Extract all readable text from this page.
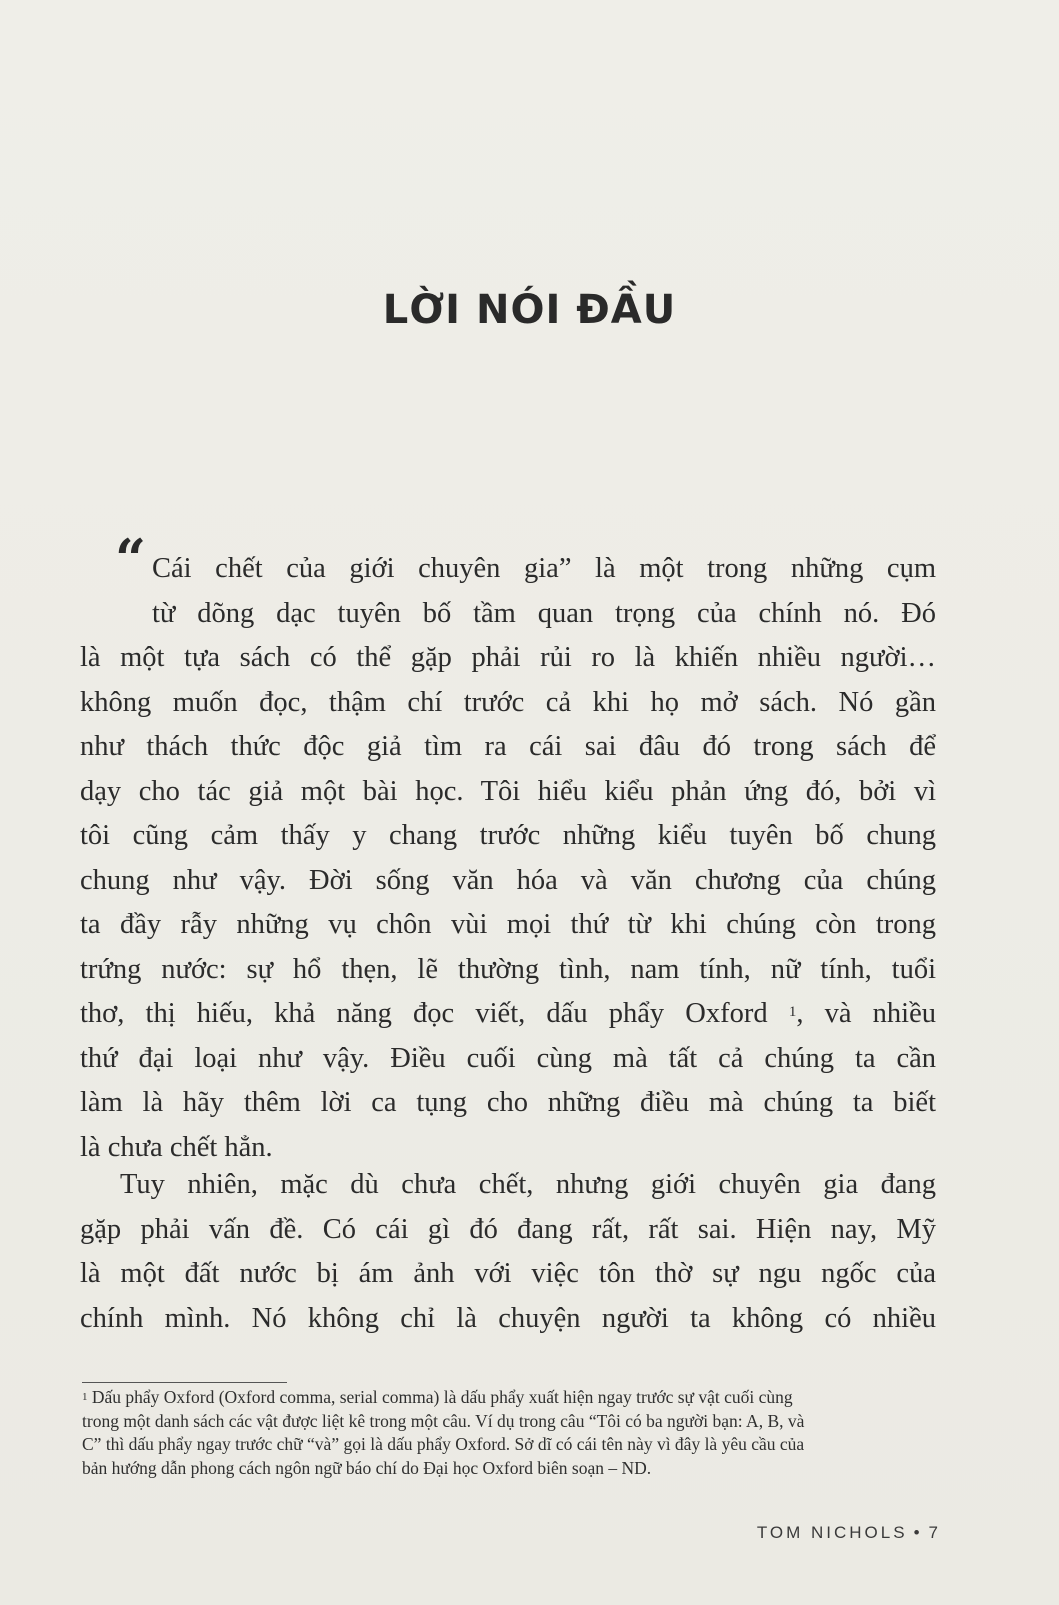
LỜI NÓI ĐẦU
“ Cái chết của giới chuyên gia” là một trong những cụm
từ dõng dạc tuyên bố tầm quan trọng của chính nó. Đó
là một tựa sách có thể gặp phải rủi ro là khiến nhiều người…
không muốn đọc, thậm chí trước cả khi họ mở sách. Nó gần
như thách thức độc giả tìm ra cái sai đâu đó trong sách để
dạy cho tác giả một bài học. Tôi hiểu kiểu phản ứng đó, bởi vì
tôi cũng cảm thấy y chang trước những kiểu tuyên bố chung
chung như vậy. Đời sống văn hóa và văn chương của chúng
ta đầy rẫy những vụ chôn vùi mọi thứ từ khi chúng còn trong
trứng nước: sự hổ thẹn, lẽ thường tình, nam tính, nữ tính, tuổi
thơ, thị hiếu, khả năng đọc viết, dấu phẩy Oxford $^1$, và nhiều
thứ đại loại như vậy. Điều cuối cùng mà tất cả chúng ta cần
làm là hãy thêm lời ca tụng cho những điều mà chúng ta biết
là chưa chết hẳn.
Tuy nhiên, mặc dù chưa chết, nhưng giới chuyên gia đang
gặp phải vấn đề. Có cái gì đó đang rất, rất sai. Hiện nay, Mỹ
là một đất nước bị ám ảnh với việc tôn thờ sự ngu ngốc của
chính mình. Nó không chỉ là chuyện người ta không có nhiều
$^1$ Dấu phẩy Oxford (Oxford comma, serial comma) là dấu phẩy xuất hiện ngay trước sự vật cuối cùng
trong một danh sách các vật được liệt kê trong một câu. Ví dụ trong câu “Tôi có ba người bạn: A, B, và
C” thì dấu phẩy ngay trước chữ “và” gọi là dấu phẩy Oxford. Sở dĩ có cái tên này vì đây là yêu cầu của
bản hướng dẫn phong cách ngôn ngữ báo chí do Đại học Oxford biên soạn – ND.
TOM NICHOLS • 7
